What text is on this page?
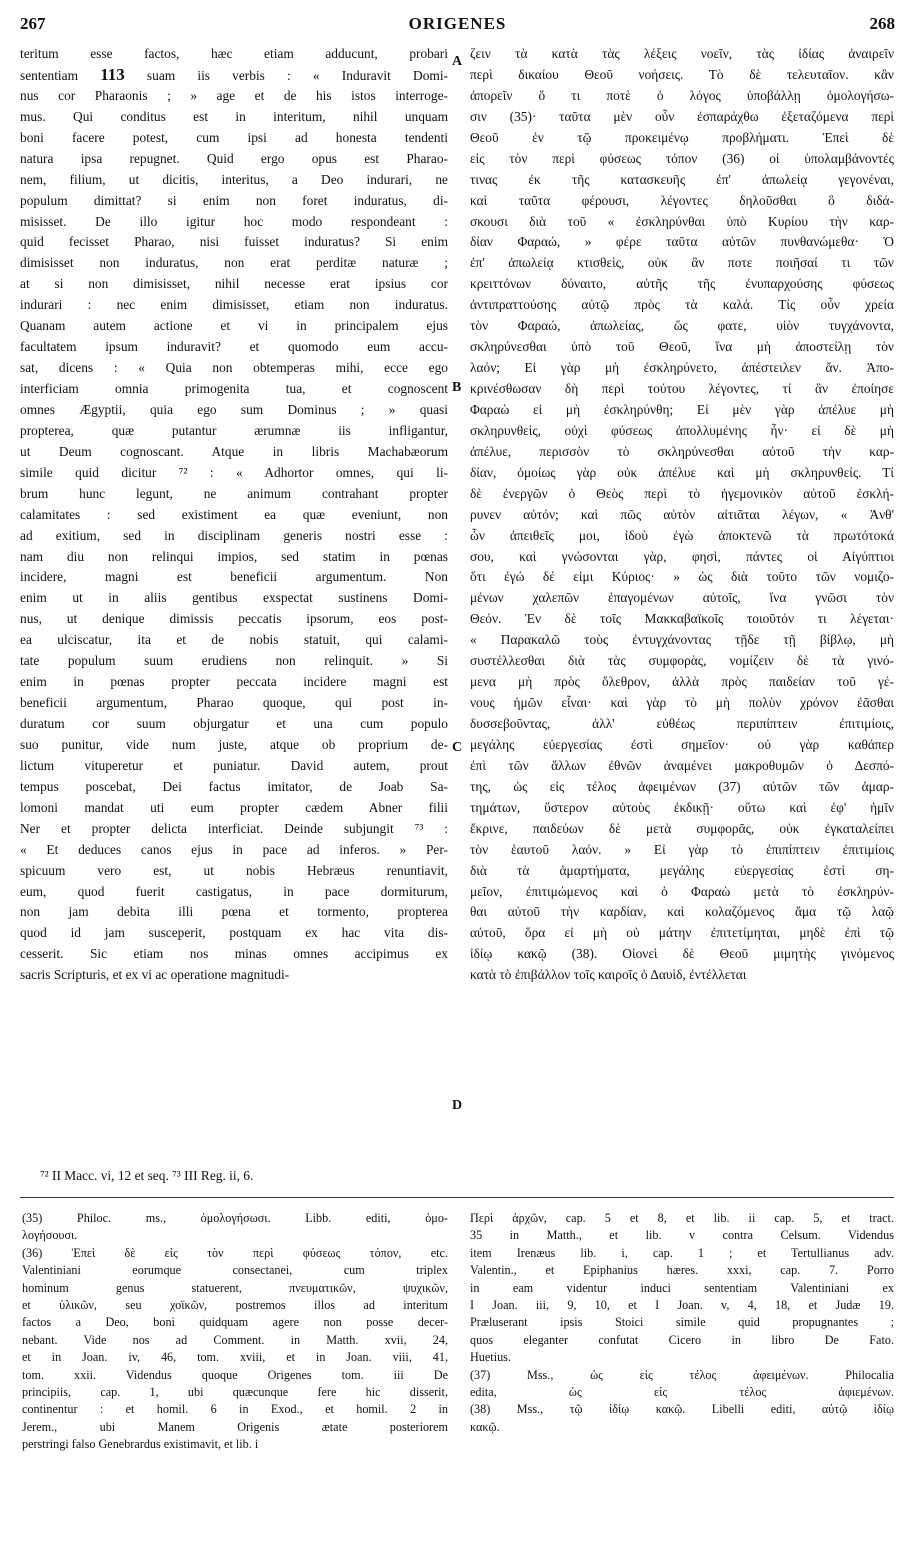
267	ORIGENES	268
teritum esse factos, hæc etiam adducunt, probari
sententiam 113 suam iis verbis : « Induravit Domi-
nus cor Pharaonis ; » age et de his istos interroge-
mus. Qui conditus est in interitum, nihil unquam
boni facere potest, cum ipsi ad honesta tendenti
natura ipsa repugnet. Quid ergo opus est Pharao-
nem, filium, ut dicitis, interitus, a Deo indurari, ne
populum dimittat? si enim non foret induratus, di-
misisset. De illo igitur hoc modo respondeant :
quid fecisset Pharao, nisi fuisset induratus? Si enim
dimisisset non induratus, non erat perditæ naturæ ;
at si non dimisisset, nihil necesse erat ipsius cor
indurari : nec enim dimisisset, etiam non induratus.
Quanam autem actione et vi in principalem ejus
facultatem ipsum induravit? et quomodo eum accu-
sat, dicens : « Quia non obtemperas mihi, ecce ego
interficiam omnia primogenita tua, et cognoscent
omnes Ægyptii, quia ego sum Dominus ; » quasi
propterea, quæ putantur ærumnæ iis infligantur,
ut Deum cognoscant. Atque in libris Machabæorum
simile quid dicitur ⁷² : « Adhortor omnes, qui li-
brum hunc legunt, ne animum contrahant propter
calamitates : sed existiment ea quæ eveniunt, non
ad exitium, sed in disciplinam generis nostri esse :
nam diu non relinqui impios, sed statim in pœnas
incidere, magni est beneficii argumentum. Non
enim ut in aliis gentibus exspectat sustinens Domi-
nus, ut denique dimissis peccatis ipsorum, eos post-
ea ulciscatur, ita et de nobis statuit, qui calami-
tate populum suum erudiens non relinquit. » Si
enim in pœnas propter peccata incidere magni est
beneficii argumentum, Pharao quoque, qui post in-
duratum cor suum objurgatur et una cum populo
suo punitur, vide num juste, atque ob proprium de-
lictum vituperetur et puniatur. David autem, prout
tempus poscebat, Dei factus imitator, de Joab Sa-
lomoni mandat uti eum propter cædem Abner filii
Ner et propter delicta interficiat. Deinde subjungit ⁷³ :
« Et deduces canos ejus in pace ad inferos. » Per-
spicuum vero est, ut nobis Hebræus renuntiavit,
eum, quod fuerit castigatus, in pace dormiturum,
non jam debita illi pœna et tormento, propterea
quod id jam susceperit, postquam ex hac vita dis-
cesserit. Sic etiam nos minas omnes accipimus ex
sacris Scripturis, et ex vi ac operatione magnitudi-
ζειν τὰ κατὰ τὰς λέξεις νοεῖν, τὰς ἰδίας ἀναιρεῖν
περὶ δικαίου Θεοῦ νοήσεις. Τὸ δὲ τελευταῖον. κἂν
ἀπορεῖν ὅ τι ποτὲ ὁ λόγος ὑποβάλλῃ ὁμολογήσω-
σιν (35)· ταῦτα μὲν οὖν ἐσπαράχθω ἐξεταζόμενα περὶ
Θεοῦ ἐν τῷ προκειμένῳ προβλήματι. Ἐπεὶ δὲ
εἰς τὸν περὶ φύσεως τόπον (36) οἱ ὑπολαμβάνοντές
τινας ἐκ τῆς κατασκευῆς ἐπ' ἀπωλείᾳ γεγονέναι,
καὶ ταῦτα φέρουσι, λέγοντες δηλοῦσθαι ὃ διδά-
σκουσι διὰ τοῦ « ἐσκληρύνθαι ὑπὸ Κυρίου τὴν καρ-
δίαν Φαραώ, » φέρε ταῦτα αὐτῶν πυνθανώμεθα· Ὁ
ἐπ' ἀπωλείᾳ κτισθεὶς, οὐκ ἂν ποτε ποιῆσαί τι τῶν
κρειττόνων δύναιτο, αὐτῆς τῆς ἐνυπαρχούσης φύσεως
ἀντιπραττούσης αὐτῷ πρὸς τὰ καλά. Τίς οὖν χρεία
τὸν Φαραώ, ἀπωλείας, ὥς φατε, υἱὸν τυγχάνοντα,
σκληρύνεσθαι ὑπὸ τοῦ Θεοῦ, ἵνα μὴ ἀποστείλῃ τὸν
λαόν; Εἰ γὰρ μὴ ἐσκληρύνετο, ἀπέστειλεν ἄν. Ἀπο-
κρινέσθωσαν δὴ περὶ τούτου λέγοντες, τί ἂν ἐποίησε
Φαραὼ εἰ μὴ ἐσκληρύνθη; Εἰ μὲν γὰρ ἀπέλυε μὴ
σκληρυνθεὶς, οὐχὶ φύσεως ἀπολλυμένης ἦν· εἰ δὲ μὴ
ἀπέλυε, περισσὸν τὸ σκληρύνεσθαι αὐτοῦ τὴν καρ-
δίαν, ὁμοίως γὰρ οὐκ ἀπέλυε καὶ μὴ σκληρυνθείς. Τί
δὲ ἐνεργῶν ὁ Θεὸς περὶ τὸ ἡγεμονικὸν αὐτοῦ ἐσκλή-
ρυνεν αὐτόν; καὶ πῶς αὐτὸν αἰτιᾶται λέγων, « Ἀνθ'
ὧν ἀπειθεῖς μοι, ἰδοὺ ἐγὼ ἀποκτενῶ τὰ πρωτότοκά
σου, καὶ γνώσονται γὰρ, φησὶ, πάντες οἱ Αἰγύπτιοι
ὅτι ἐγώ δέ εἰμι Κύριος· » ὡς διὰ τοῦτο τῶν νομιζο-
μένων χαλεπῶν ἐπαγομένων αὐτοῖς, ἵνα γνῶσι τὸν
Θεόν. Ἐν δὲ τοῖς Μακκαβαϊκοῖς τοιοῦτόν τι λέγεται·
« Παρακαλῶ τοὺς ἐντυγχάνοντας τῇδε τῇ βίβλῳ, μὴ
συστέλλεσθαι διὰ τὰς συμφορὰς, νομίζειν δὲ τὰ γινό-
μενα μὴ πρὸς ὄλεθρον, ἀλλὰ πρὸς παιδείαν τοῦ γέ-
νους ἡμῶν εἶναι· καὶ γὰρ τὸ μὴ πολὺν χρόνον ἐᾶσθαι
δυσσεβοῦντας, ἀλλ' εὐθέως περιπίπτειν ἐπιτιμίοις,
μεγάλης εὐεργεσίας ἐστὶ σημεῖον· οὐ γὰρ καθάπερ
ἐπὶ τῶν ἄλλων ἐθνῶν ἀναμένει μακροθυμῶν ὁ Δεσπό-
της, ὡς εἰς τέλος ἀφειμένων (37) αὐτῶν τῶν ἁμαρ-
τημάτων, ὕστερον αὐτοὺς ἐκδικῇ· οὕτω καὶ ἐφ' ἡμῖν
ἔκρινε, παιδεύων δὲ μετὰ συμφορᾶς, οὐκ ἐγκαταλείπει
τὸν ἑαυτοῦ λαόν. » Εἰ γὰρ τὸ ἐπιπίπτειν ἐπιτιμίοις
διὰ τὰ ἁμαρτήματα, μεγάλης εὐεργεσίας ἐστὶ ση-
μεῖον, ἐπιτιμώμενος καὶ ὁ Φαραὼ μετὰ τὸ ἐσκληρύν-
θαι αὐτοῦ τὴν καρδίαν, καὶ κολαζόμενος ἅμα τῷ λαῷ
αὐτοῦ, ὅρα εἰ μὴ οὐ μάτην ἐπιτετίμηται, μηδὲ ἐπὶ τῷ
ἰδίῳ κακῷ (38). Οἱονεὶ δὲ Θεοῦ μιμητὴς γινόμενος
κατὰ τὸ ἐπιβάλλον τοῖς καιροῖς ὁ Δαυὶδ, ἐντέλλεται
A
B
C
D
⁷² II Macc. vi, 12 et seq. ⁷³ III Reg. ii, 6.
(35) Philoc. ms., ὁμολογήσωσι. Libb. editi, ὁμο-
λογήσουσι.
(36) Ἐπεὶ δὲ εἰς τὸν περὶ φύσεως τόπον, etc.
Valentiniani eorumque consectanei, cum triplex
hominum genus statuerent, πνευματικῶν, ψυχικῶν,
et ὑλικῶν, seu χοϊκῶν, postremos illos ad interitum
factos a Deo, boni quidquam agere non posse decer-
nebant. Vide nos ad Comment. in Matth. xvii, 24,
et in Joan. iv, 46, tom. xviii, et in Joan. viii, 41,
tom. xxii. Videndus quoque Origenes tom. iii De
principiis, cap. 1, ubi quæcunque fere hic disserit,
continentur : et homil. 6 in Exod., et homil. 2 in
Jerem., ubi Manem Origenis ætate posteriorem
perstringi falso Genebrardus existimavit, et lib. i
Περὶ ἀρχῶν, cap. 5 et 8, et lib. ii cap. 5, et tract.
35 in Matth., et lib. v contra Celsum. Videndus
item Irenæus lib. i, cap. 1 ; et Tertullianus adv.
Valentin., et Epiphanius hæres. xxxi, cap. 7. Porro
in eam videntur induci sententiam Valentiniani ex
I Joan. iii, 9, 10, et I Joan. v, 4, 18, et Judæ 19.
Præluserant ipsis Stoici simile quid propugnantes ;
quos eleganter confutat Cicero in libro De Fato.
Huetius.
(37) Mss., ὡς εἰς τέλος ἀφειμένων. Philocalia
edita, ὡς εἰς τέλος ἀφιεμένων.
(38) Mss., τῷ ἰδίῳ κακῷ. Libelli editi, αὐτῷ ἰδίῳ
κακῷ.
